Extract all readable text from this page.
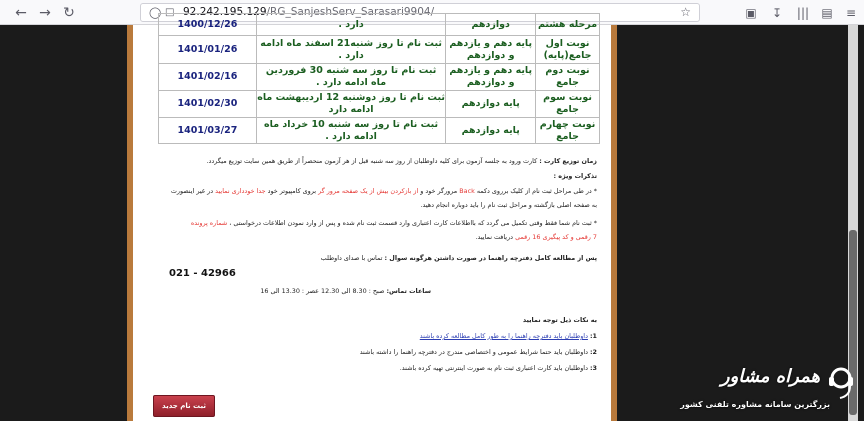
← → ↻	◯ □ 92.242.195.129/RG_SanjeshServ_Sarasari9904/	☆	▣	↧	||| ▤	≡
مرحله هشتم	دوازدهم	دارد .	1400/12/26
نوبت اول جامع(پایه)	پایه دهم و یازدهم و دوازدهم	ثبت نام تا روز شنبه21 اسفند ماه ادامه دارد .	1401/01/26
نوبت دوم جامع	پایه دهم و یازدهم و دوازدهم	ثبت نام تا روز سه شنبه 30 فروردین ماه ادامه دارد .	1401/02/16
نوبت سوم جامع	پایه دوازدهم	ثبت نام تا روز دوشنبه 12 اردیبهشت ماه ادامه دارد	1401/02/30
نوبت چهارم جامع	پایه دوازدهم	ثبت نام تا روز سه شنبه 10 خرداد ماه ادامه دارد .	1401/03/27
زمان توزیع کارت : کارت ورود به جلسه آزمون برای کلیه داوطلبان از روز سه شنبه قبل از هر آزمون منحصراً از طریق همین سایت توزیع میگردد.
تذکرات ویژه :
* در طی مراحل ثبت نام از کلیک برروی دکمه Back مرورگر خود و از بازکردن بیش از یک صفحه مرور گر بروی کامپیوتر خود جدا خودداری نمایید در غیر اینصورت
به صفحه اصلی بازگشته و مراحل ثبت نام را باید دوباره انجام دهید.
* ثبت نام شما فقط وقتی تکمیل می گردد که بااطلاعات کارت اعتباری وارد قسمت ثبت نام شده و پس از وارد نمودن اطلاعات درخواستی ، شماره پرونده
7 رقمی و کد پیگیری 16 رقمی دریافت نمایید.
پس از مطالعه کامل دفترچه راهنما در صورت داشتن هرگونه سوال : تماس با صدای داوطلب
021 - 42966
ساعات تماس: صبح : 8.30 الی 12.30 عصر : 13.30 الی 16
به نکات ذیل توجه نمایید
1: داوطلبان باید دفترچه راهنما را به طور کامل مطالعه کرده باشند
2: داوطلبان باید حتما شرایط عمومی و اختصاصی مندرج در دفترچه راهنما را داشته باشند
3: داوطلبان باید کارت اعتباری ثبت نام به صورت اینترنتی تهیه کرده باشند.
ثبت نام جدید
همراه مشاور
بزرگترین سامانه مشاوره تلفنی کشور
